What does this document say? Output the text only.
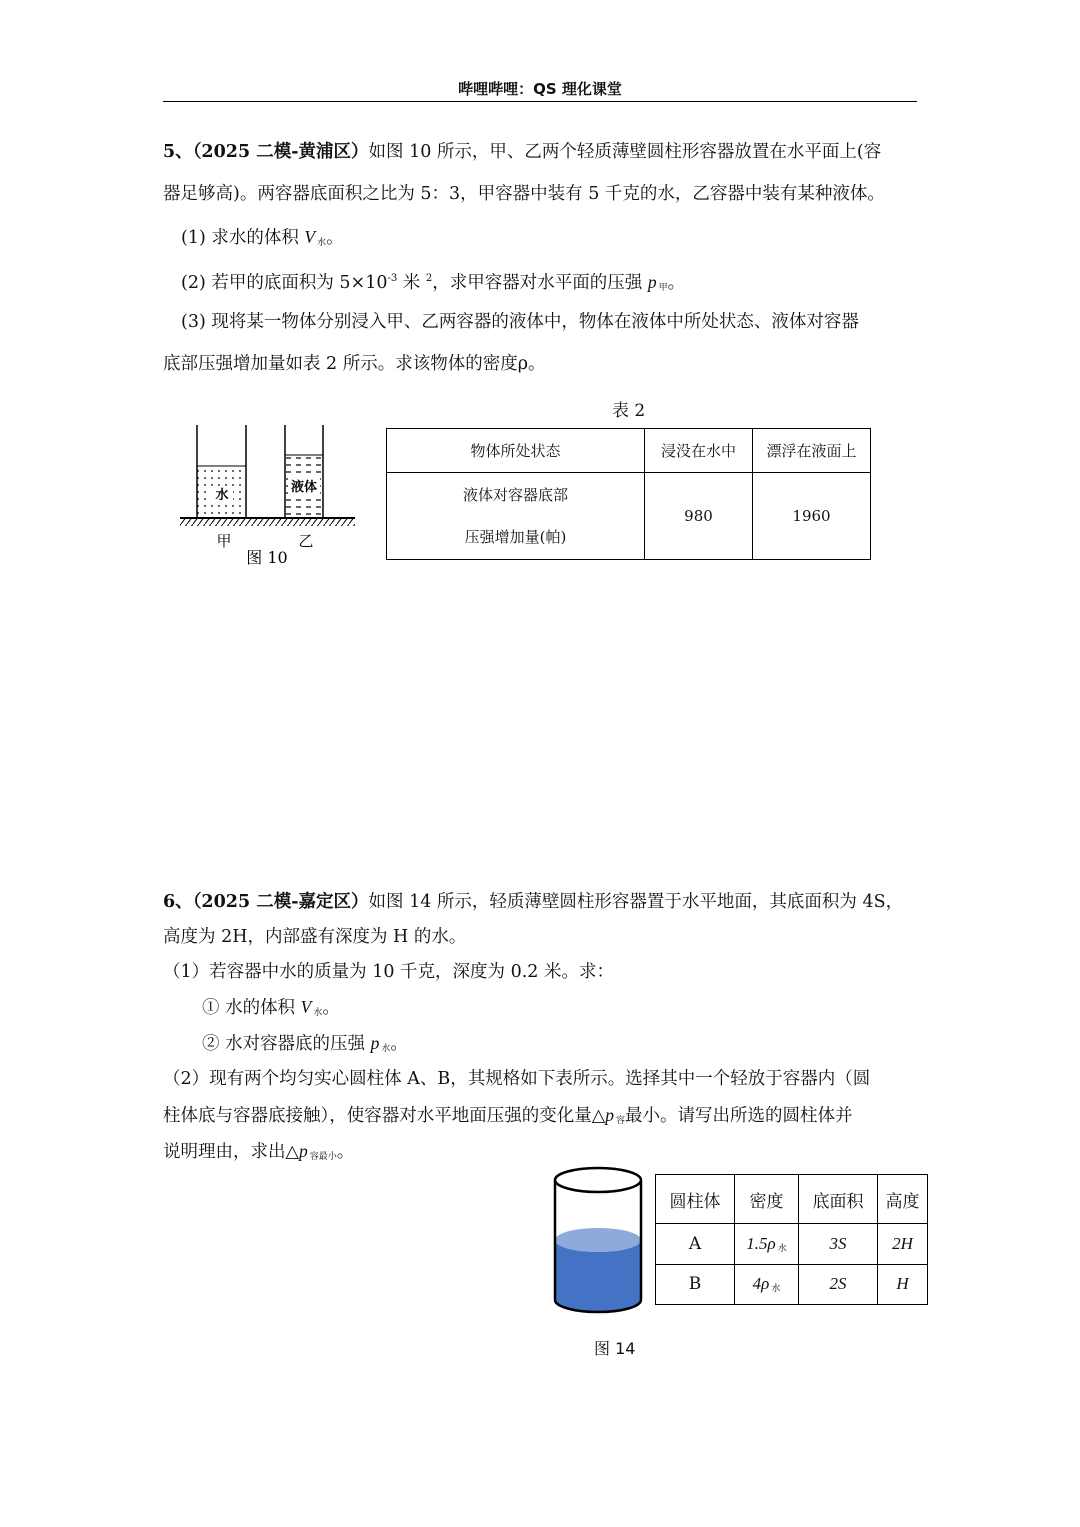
哔哩哔哩：QS 理化课堂
5、（2025 二模-黄浦区）如图 10 所示，甲、乙两个轻质薄壁圆柱形容器放置在水平面上(容
器足够高)。两容器底面积之比为 5：3，甲容器中装有 5 千克的水，乙容器中装有某种液体。
(1) 求水的体积 V $_水$。
(2) 若甲的底面积为 $5\times 10^{-3}$ 米 $^2$，求甲容器对水平面的压强 p $_甲$。
(3) 现将某一物体分别浸入甲、乙两容器的液体中，物体在液体中所处状态、液体对容器
底部压强增加量如表 2 所示。求该物体的密度ρ。
水
液体
甲	乙
图 10
表 2
物体所处状态	浸没在水中	漂浮在液面上

液体对容器底部
压强增加量(帕)	980	1960
6、（2025 二模-嘉定区）如图 14 所示，轻质薄壁圆柱形容器置于水平地面，其底面积为 4S，
高度为 2H，内部盛有深度为 H 的水。
（1）若容器中水的质量为 10 千克，深度为 0.2 米。求：
① 水的体积 V $_水$。
② 水对容器底的压强 p $_水$。
（2）现有两个均匀实心圆柱体 A、B，其规格如下表所示。选择其中一个轻放于容器内（圆
柱体底与容器底接触），使容器对水平地面压强的变化量△p $_容$最小。请写出所选的圆柱体并
说明理由，求出△p $_{容最小}$。
图 14
圆柱体	密度	底面积	高度
A	1.5ρ $_水$	3S	2H
B	4ρ $_水$	2S	H
